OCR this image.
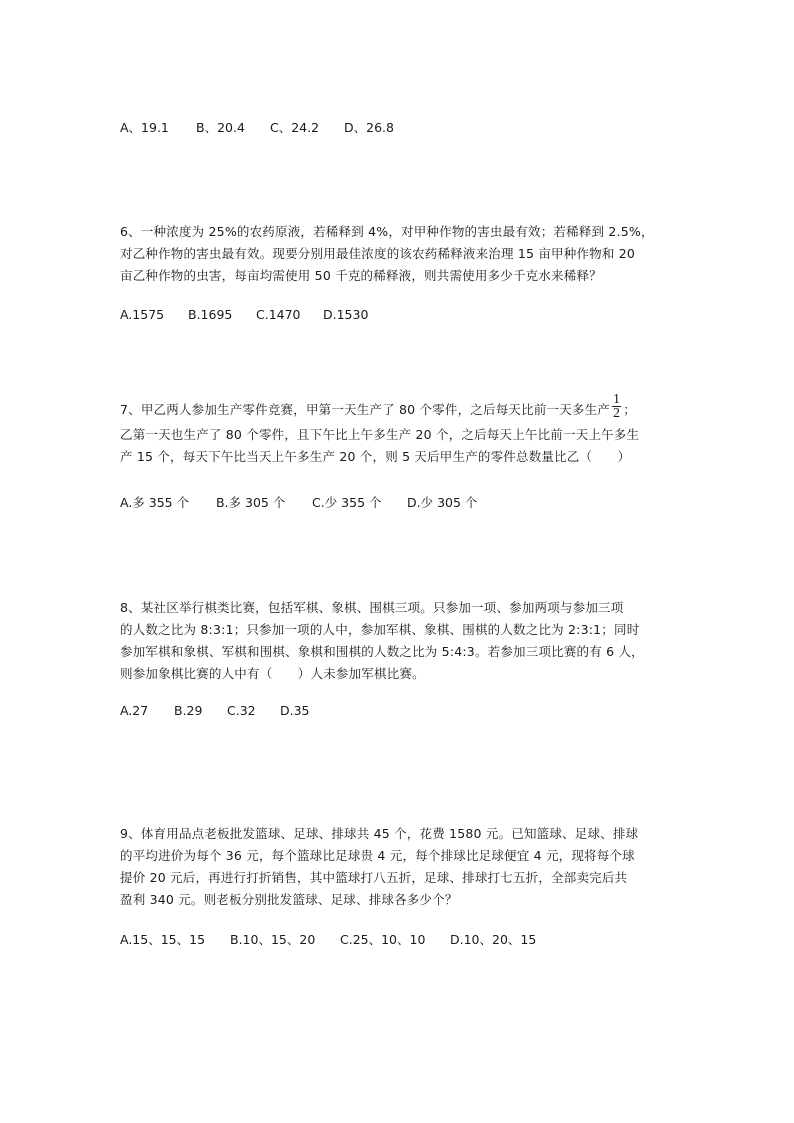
A、19.1 B、20.4 C、24.2 D、26.8
6、一种浓度为 25%的农药原液，若稀释到 4%，对甲种作物的害虫最有效；若稀释到 2.5%，
对乙种作物的害虫最有效。现要分别用最佳浓度的该农药稀释液来治理 15 亩甲种作物和 20
亩乙种作物的虫害，每亩均需使用 50 千克的稀释液，则共需使用多少千克水来稀释？
A.1575 B.1695 C.1470 D.1530
7、甲乙两人参加生产零件竞赛，甲第一天生产了 80 个零件，之后每天比前一天多生产 $\frac{1}{2}$ ；
乙第一天也生产了 80 个零件，且下午比上午多生产 20 个，之后每天上午比前一天上午多生
产 15 个，每天下午比当天上午多生产 20 个，则 5 天后甲生产的零件总数量比乙（　　）
A.多 355 个 B.多 305 个 C.少 355 个 D.少 305 个
8、某社区举行棋类比赛，包括军棋、象棋、围棋三项。只参加一项、参加两项与参加三项
的人数之比为 8:3:1；只参加一项的人中，参加军棋、象棋、围棋的人数之比为 2:3:1；同时
参加军棋和象棋、军棋和围棋、象棋和围棋的人数之比为 5:4:3。若参加三项比赛的有 6 人，
则参加象棋比赛的人中有（　　）人未参加军棋比赛。
A.27 B.29 C.32 D.35
9、体育用品点老板批发篮球、足球、排球共 45 个，花费 1580 元。已知篮球、足球、排球
的平均进价为每个 36 元，每个篮球比足球贵 4 元，每个排球比足球便宜 4 元，现将每个球
提价 20 元后，再进行打折销售，其中篮球打八五折，足球、排球打七五折，全部卖完后共
盈利 340 元。则老板分别批发篮球、足球、排球各多少个？
A.15、15、15 B.10、15、20 C.25、10、10 D.10、20、15
